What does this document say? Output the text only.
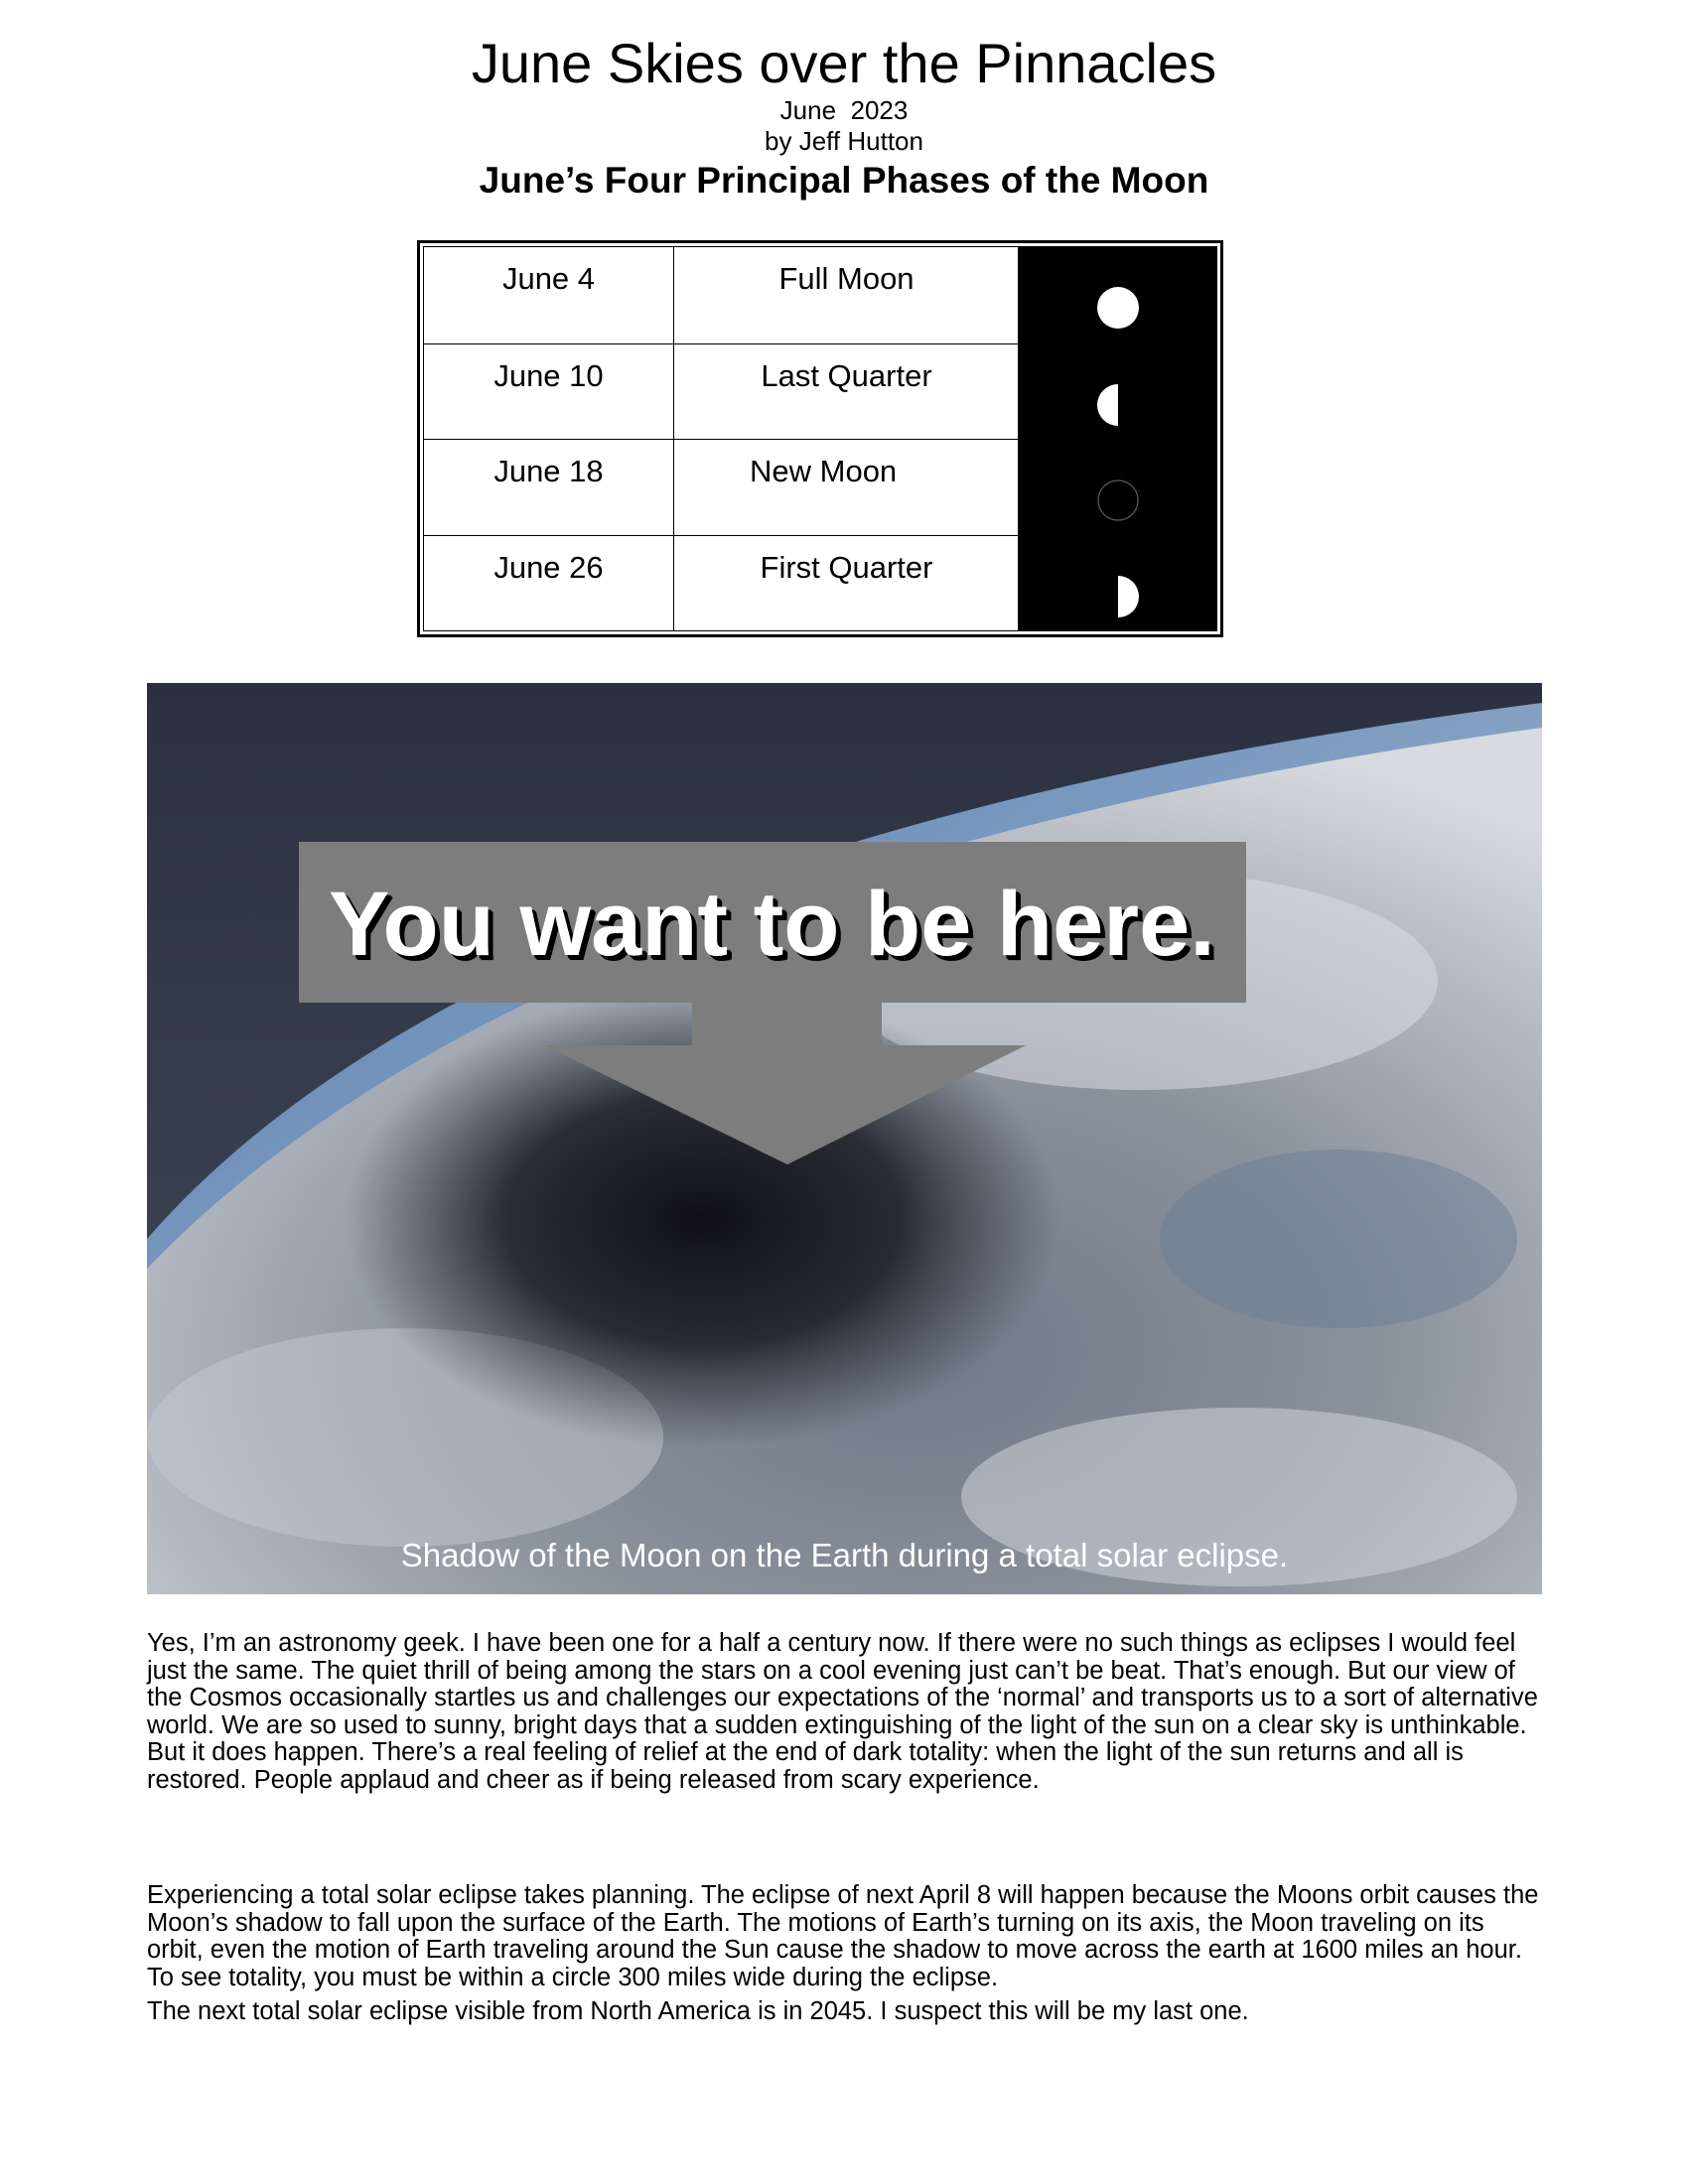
June Skies over the Pinnacles
June  2023
by Jeff Hutton
June’s Four Principal Phases of the Moon
June 4	Full Moon
June 10	Last Quarter
June 18	New Moon
June 26	First Quarter
You want to be here.
Shadow of the Moon on the Earth during a total solar eclipse.
Yes, I’m an astronomy geek. I have been one for a half a century now. If there were no such things as eclipses I would feel just the same. The quiet thrill of being among the stars on a cool evening just can’t be beat. That’s enough. But our view of the Cosmos occasionally startles us and challenges our expectations of the ‘normal’ and transports us to a sort of alternative world. We are so used to sunny, bright days that a sudden extinguishing of the light of the sun on a clear sky is unthinkable. But it does happen. There’s a real feeling of relief at the end of dark totality: when the light of the sun returns and all is restored. People applaud and cheer as if being released from scary experience.
Experiencing a total solar eclipse takes planning. The eclipse of next April 8 will happen because the Moons orbit causes the Moon’s shadow to fall upon the surface of the Earth. The motions of Earth’s turning on its axis, the Moon traveling on its orbit, even the motion of Earth traveling around the Sun cause the shadow to move across the earth at 1600 miles an hour. To see totality, you must be within a circle 300 miles wide during the eclipse.
The next total solar eclipse visible from North America is in 2045. I suspect this will be my last one.
